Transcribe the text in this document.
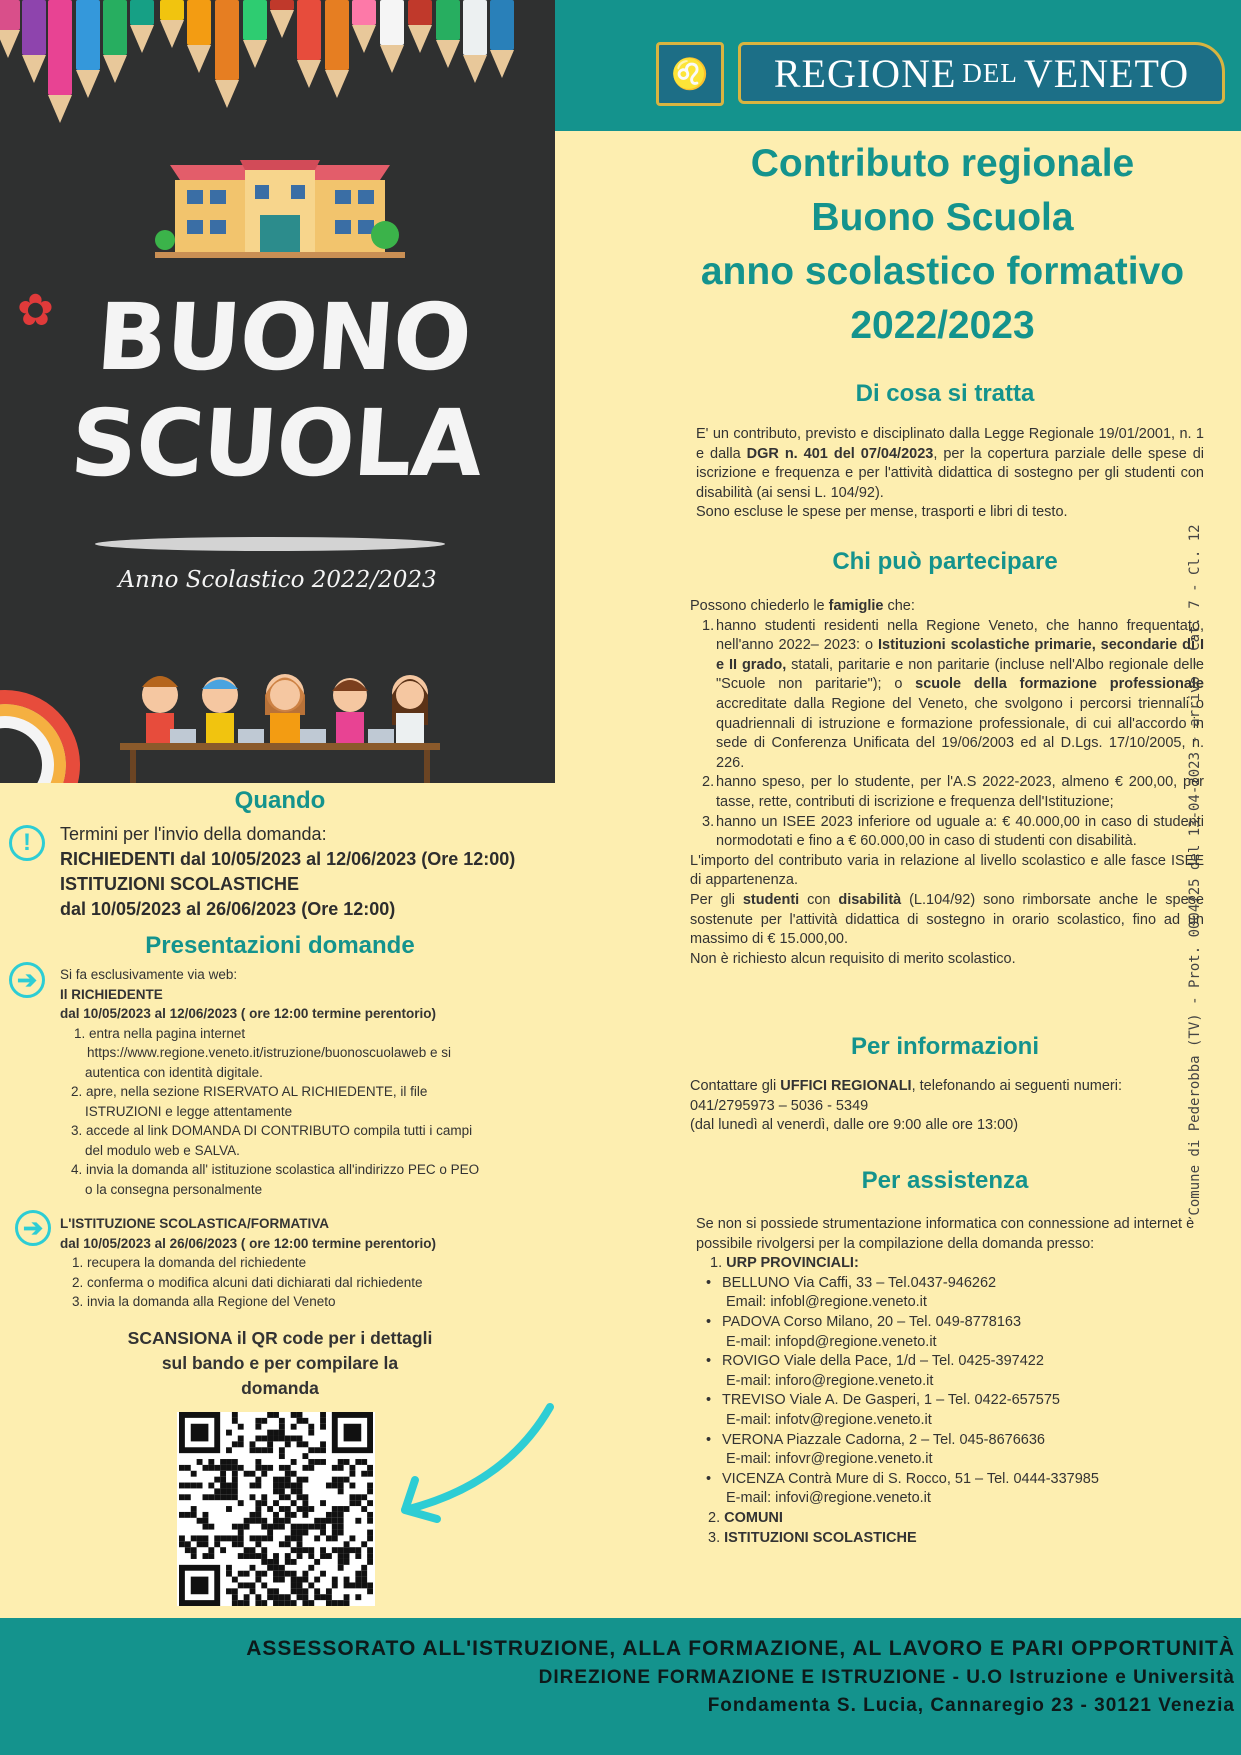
✿ BUONO
SCUOLA
Anno Scolastico 2022/2023
♌	REGIONE DEL VENETO
Contributo regionale
Buono Scuola
anno scolastico formativo
2022/2023
Di cosa si tratta
E' un contributo, previsto e disciplinato dalla Legge Regionale 19/01/2001, n. 1 e dalla DGR n. 401 del 07/04/2023, per la copertura parziale delle spese di iscrizione e frequenza e per l'attività didattica di sostegno per gli studenti con disabilità (ai sensi L. 104/92).
Sono escluse le spese per mense, trasporti e libri di testo.
Chi può partecipare
Possono chiederlo le famiglie che:
1. hanno studenti residenti nella Regione Veneto, che hanno frequentato, nell'anno 2022– 2023: o Istituzioni scolastiche primarie, secondarie di I e II grado, statali, paritarie e non paritarie (incluse nell'Albo regionale delle "Scuole non paritarie"); o scuole della formazione professionale accreditate dalla Regione del Veneto, che svolgono i percorsi triennali o quadriennali di istruzione e formazione professionale, di cui all'accordo in sede di Conferenza Unificata del 19/06/2003 ed al D.Lgs. 17/10/2005, n. 226.
2. hanno speso, per lo studente, per l'A.S 2022-2023, almeno € 200,00, per tasse, rette, contributi di iscrizione e frequenza dell'Istituzione;
3. hanno un ISEE 2023 inferiore od uguale a: € 40.000,00 in caso di studenti normodotati e fino a € 60.000,00 in caso di studenti con disabilità.
L'importo del contributo varia in relazione al livello scolastico e alle fasce ISEE di appartenenza.
Per gli studenti con disabilità (L.104/92) sono rimborsate anche le spese sostenute per l'attività didattica di sostegno in orario scolastico, fino ad un massimo di € 15.000,00.
Non è richiesto alcun requisito di merito scolastico.
Per informazioni
Contattare gli UFFICI REGIONALI, telefonando ai seguenti numeri:
041/2795973 – 5036 - 5349
(dal lunedì al venerdì, dalle ore 9:00 alle ore 13:00)
Per assistenza
Se non si possiede strumentazione informatica con connessione ad internet è possibile rivolgersi per la compilazione della domanda presso:
1. URP PROVINCIALI:
• BELLUNO Via Caffi, 33 – Tel.0437-946262
Email: infobl@regione.veneto.it
• PADOVA Corso Milano, 20 – Tel. 049-8778163
E-mail: infopd@regione.veneto.it
• ROVIGO Viale della Pace, 1/d – Tel. 0425-397422
E-mail: inforo@regione.veneto.it
• TREVISO Viale A. De Gasperi, 1 – Tel. 0422-657575
E-mail: infotv@regione.veneto.it
• VERONA Piazzale Cadorna, 2 – Tel. 045-8676636
E-mail: infovr@regione.veneto.it
• VICENZA Contrà Mure di S. Rocco, 51 – Tel. 0444-337985
E-mail: infovi@regione.veneto.it
2. COMUNI
3. ISTITUZIONI SCOLASTICHE
Quando
!	Termini per l'invio della domanda:
RICHIEDENTI dal 10/05/2023 al 12/06/2023 (Ore 12:00)
ISTITUZIONI SCOLASTICHE
dal 10/05/2023 al 26/06/2023 (Ore 12:00)
Presentazioni domande
➔	Si fa esclusivamente via web:
Il RICHIEDENTE
dal 10/05/2023 al 12/06/2023 ( ore 12:00 termine perentorio)
1. entra nella pagina internet
https://www.regione.veneto.it/istruzione/buonoscuolaweb e si
autentica con identità digitale.
2. apre, nella sezione RISERVATO AL RICHIEDENTE, il file
ISTRUZIONI e legge attentamente
3. accede al link DOMANDA DI CONTRIBUTO compila tutti i campi
del modulo web e SALVA.
4. invia la domanda all' istituzione scolastica all'indirizzo PEC o PEO
o la consegna personalmente
➔	L'ISTITUZIONE SCOLASTICA/FORMATIVA
dal 10/05/2023 al 26/06/2023 ( ore 12:00 termine perentorio)
1. recupera la domanda del richiedente
2. conferma o modifica alcuni dati dichiarati dal richiedente
3. invia la domanda alla Regione del Veneto
SCANSIONA il QR code per i dettagli
sul bando e per compilare la
domanda
ASSESSORATO ALL'ISTRUZIONE, ALLA FORMAZIONE, AL LAVORO E PARI OPPORTUNITÀ
DIREZIONE FORMAZIONE E ISTRUZIONE - U.O Istruzione e Università
Fondamenta S. Lucia, Cannaregio 23 - 30121 Venezia
Comune di Pederobba (TV) - Prot. 0004725 del 13-04-2023 - arrivo - Cat. 7 - Cl. 12
